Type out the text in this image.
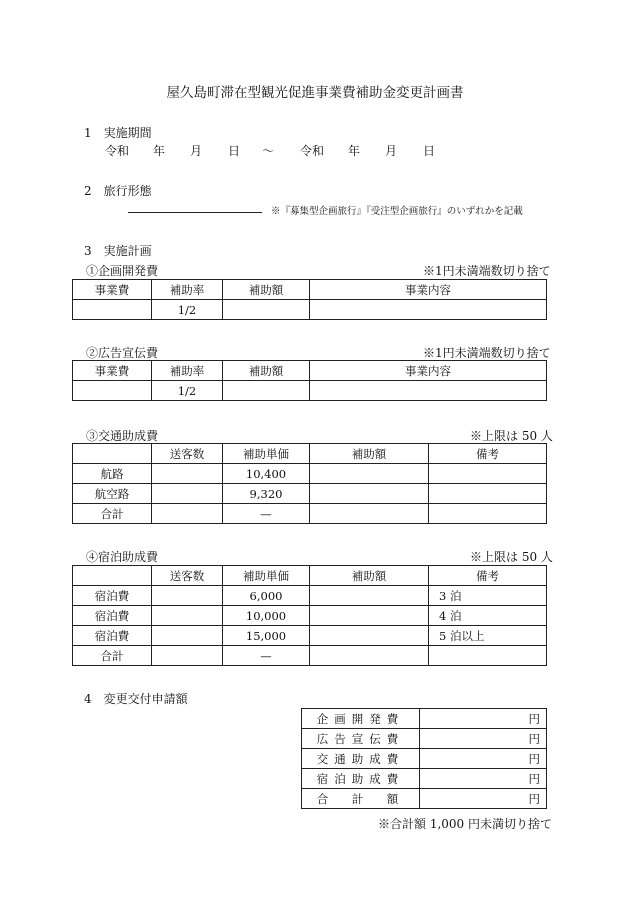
屋久島町滞在型観光促進事業費補助金変更計画書
1　実施期間
令和 年 月 日 〜 令和 年 月 日
2　旅行形態
※『募集型企画旅行』『受注型企画旅行』のいずれかを記載
3　実施計画
①企画開発費	※1円未満端数切り捨て
事業費	補助率	補助額	事業内容
	1/2		
②広告宣伝費	※1円未満端数切り捨て
事業費	補助率	補助額	事業内容
	1/2		
③交通助成費	※上限は 50 人
	送客数	補助単価	補助額	備考
航路		10,400		
航空路		9,320		
合計		—		
④宿泊助成費	※上限は 50 人
	送客数	補助単価	補助額	備考
宿泊費		6,000		3 泊
宿泊費		10,000		4 泊
宿泊費		15,000		5 泊以上
合計		—		
4　変更交付申請額
企画開発費	円
広告宣伝費	円
交通助成費	円
宿泊助成費	円
合　計　額	円
※合計額 1,000 円未満切り捨て
